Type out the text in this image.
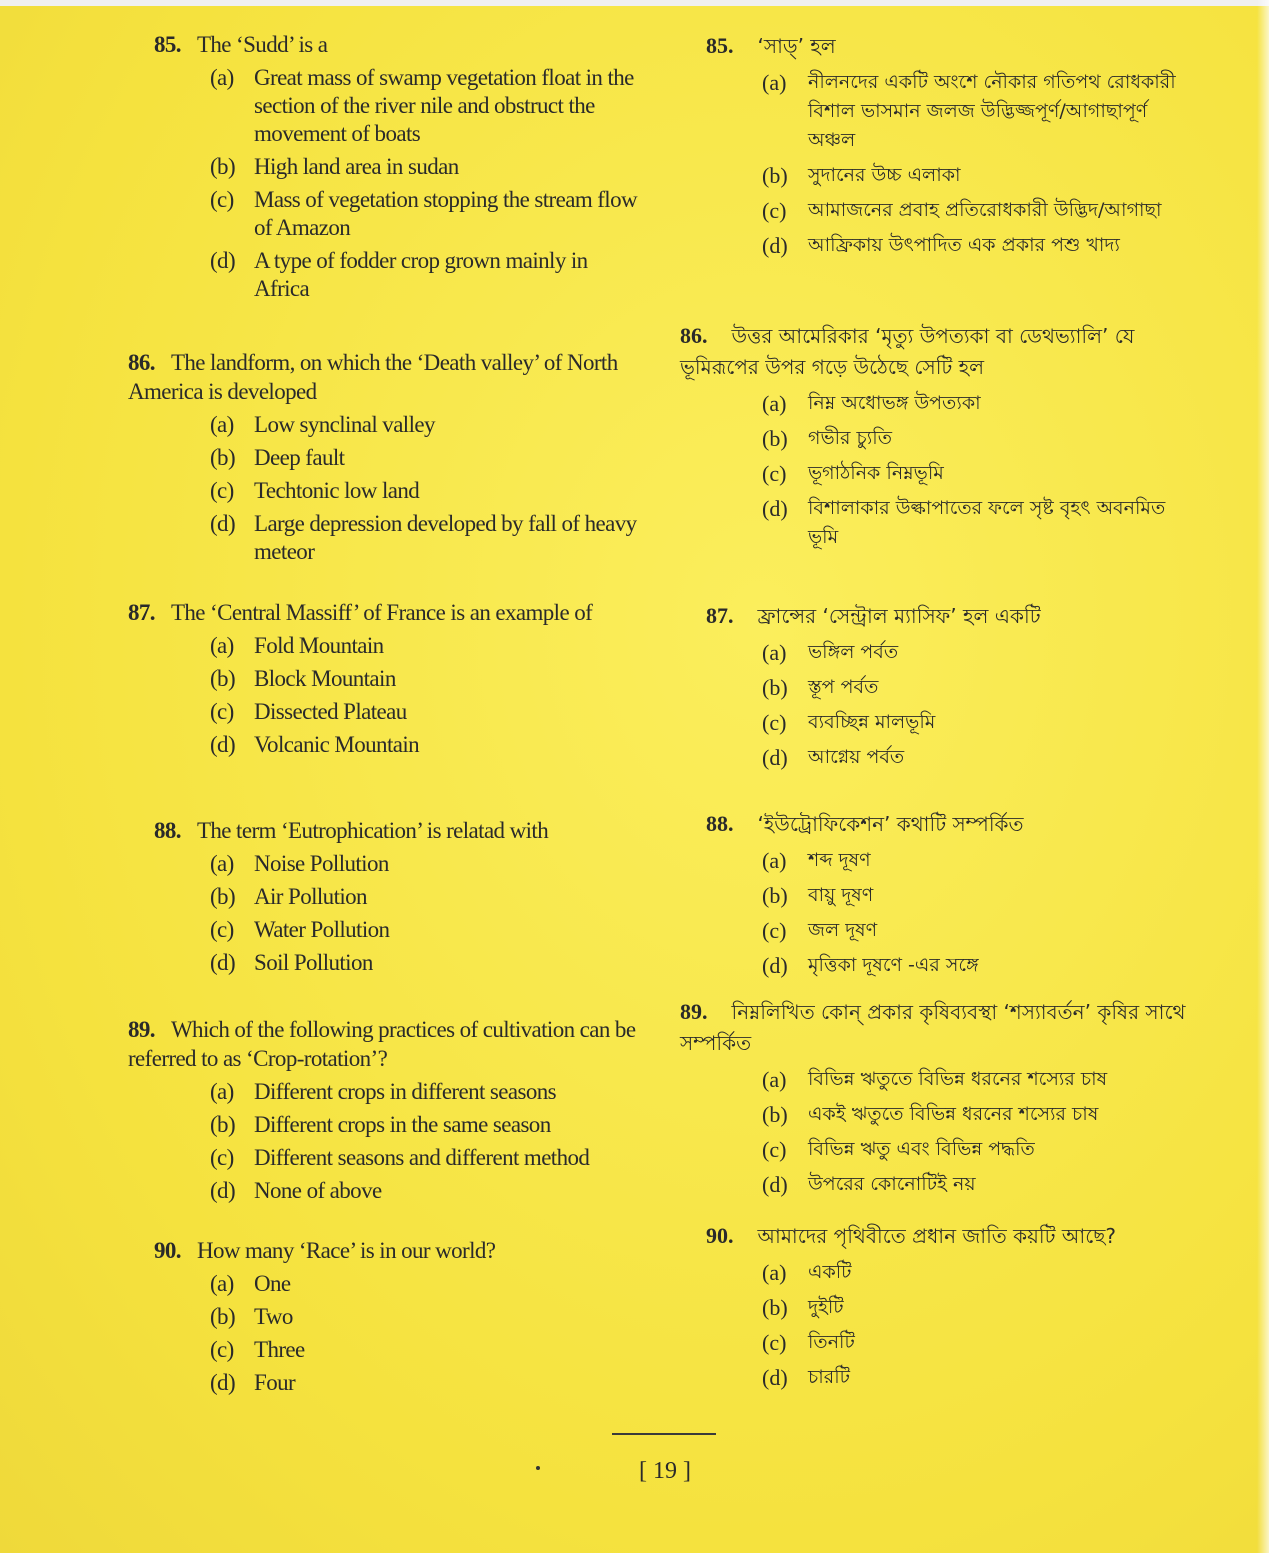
85. The ‘Sudd’ is a
(a) Great mass of swamp vegetation float in the section of the river nile and obstruct the movement of boats
(b) High land area in sudan
(c) Mass of vegetation stopping the stream flow of Amazon
(d) A type of fodder crop grown mainly in Africa
86. The landform, on which the ‘Death valley’ of North America is developed
(a) Low synclinal valley
(b) Deep fault
(c) Techtonic low land
(d) Large depression developed by fall of heavy meteor
87. The ‘Central Massiff’ of France is an example of
(a) Fold Mountain
(b) Block Mountain
(c) Dissected Plateau
(d) Volcanic Mountain
88. The term ‘Eutrophication’ is relatad with
(a) Noise Pollution
(b) Air Pollution
(c) Water Pollution
(d) Soil Pollution
89. Which of the following practices of cultivation can be referred to as ‘Crop-rotation’?
(a) Different crops in different seasons
(b) Different crops in the same season
(c) Different seasons and different method
(d) None of above
90. How many ‘Race’ is in our world?
(a) One
(b) Two
(c) Three
(d) Four
85. ‘সাড্’ হল
(a)	নীলনদের একটি অংশে নৌকার গতিপথ রোধকারী বিশাল ভাসমান জলজ উদ্ভিজ্জপূর্ণ/আগাছাপূর্ণ অঞ্চল
(b)	সুদানের উচ্চ এলাকা
(c)	আমাজনের প্রবাহ প্রতিরোধকারী উদ্ভিদ/আগাছা
(d)	আফ্রিকায় উৎপাদিত এক প্রকার পশু খাদ্য
86. উত্তর আমেরিকার ‘মৃত্যু উপত্যকা বা ডেথভ্যালি’ যে ভূমিরূপের উপর গড়ে উঠেছে সেটি হল
(a)	নিম্ন অধোভঙ্গ উপত্যকা
(b)	গভীর চ্যুতি
(c)	ভূগাঠনিক নিম্নভূমি
(d)	বিশালাকার উল্কাপাতের ফলে সৃষ্ট বৃহৎ অবনমিত ভূমি
87. ফ্রান্সের ‘সেন্ট্রাল ম্যাসিফ’ হল একটি
(a)	ভঙ্গিল পর্বত
(b)	স্তূপ পর্বত
(c)	ব্যবচ্ছিন্ন মালভূমি
(d)	আগ্নেয় পর্বত
88. ‘ইউট্রোফিকেশন’ কথাটি সম্পর্কিত
(a)	শব্দ দূষণ
(b)	বায়ু দূষণ
(c)	জল দূষণ
(d)	মৃত্তিকা দূষণে -এর সঙ্গে
89. নিম্নলিখিত কোন্ প্রকার কৃষিব্যবস্থা ‘শস্যাবর্তন’ কৃষির সাথে সম্পর্কিত
(a)	বিভিন্ন ঋতুতে বিভিন্ন ধরনের শস্যের চাষ
(b)	একই ঋতুতে বিভিন্ন ধরনের শস্যের চাষ
(c)	বিভিন্ন ঋতু এবং বিভিন্ন পদ্ধতি
(d)	উপরের কোনোটিই নয়
90. আমাদের পৃথিবীতে প্রধান জাতি কয়টি আছে?
(a)	একটি
(b)	দুইটি
(c)	তিনটি
(d)	চারটি
[ 19 ]
